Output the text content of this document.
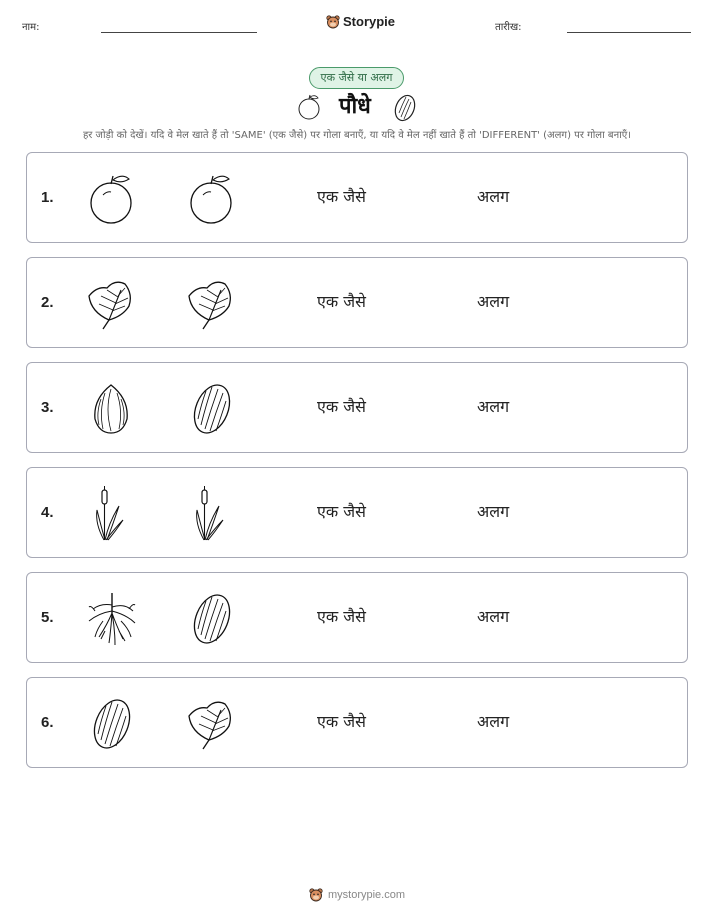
नाम:	Storypie	तारीख:
एक जैसे या अलग
पौधे
हर जोड़ी को देखें। यदि वे मेल खाते हैं तो 'SAME' (एक जैसे) पर गोला बनाएँ, या यदि वे मेल नहीं खाते हैं तो 'DIFFERENT' (अलग) पर गोला बनाएँ।
1.	एक जैसे	अलग
2.	एक जैसे	अलग
3.	एक जैसे	अलग
4.	एक जैसे	अलग
5.	एक जैसे	अलग
6.	एक जैसे	अलग
mystorypie.com
